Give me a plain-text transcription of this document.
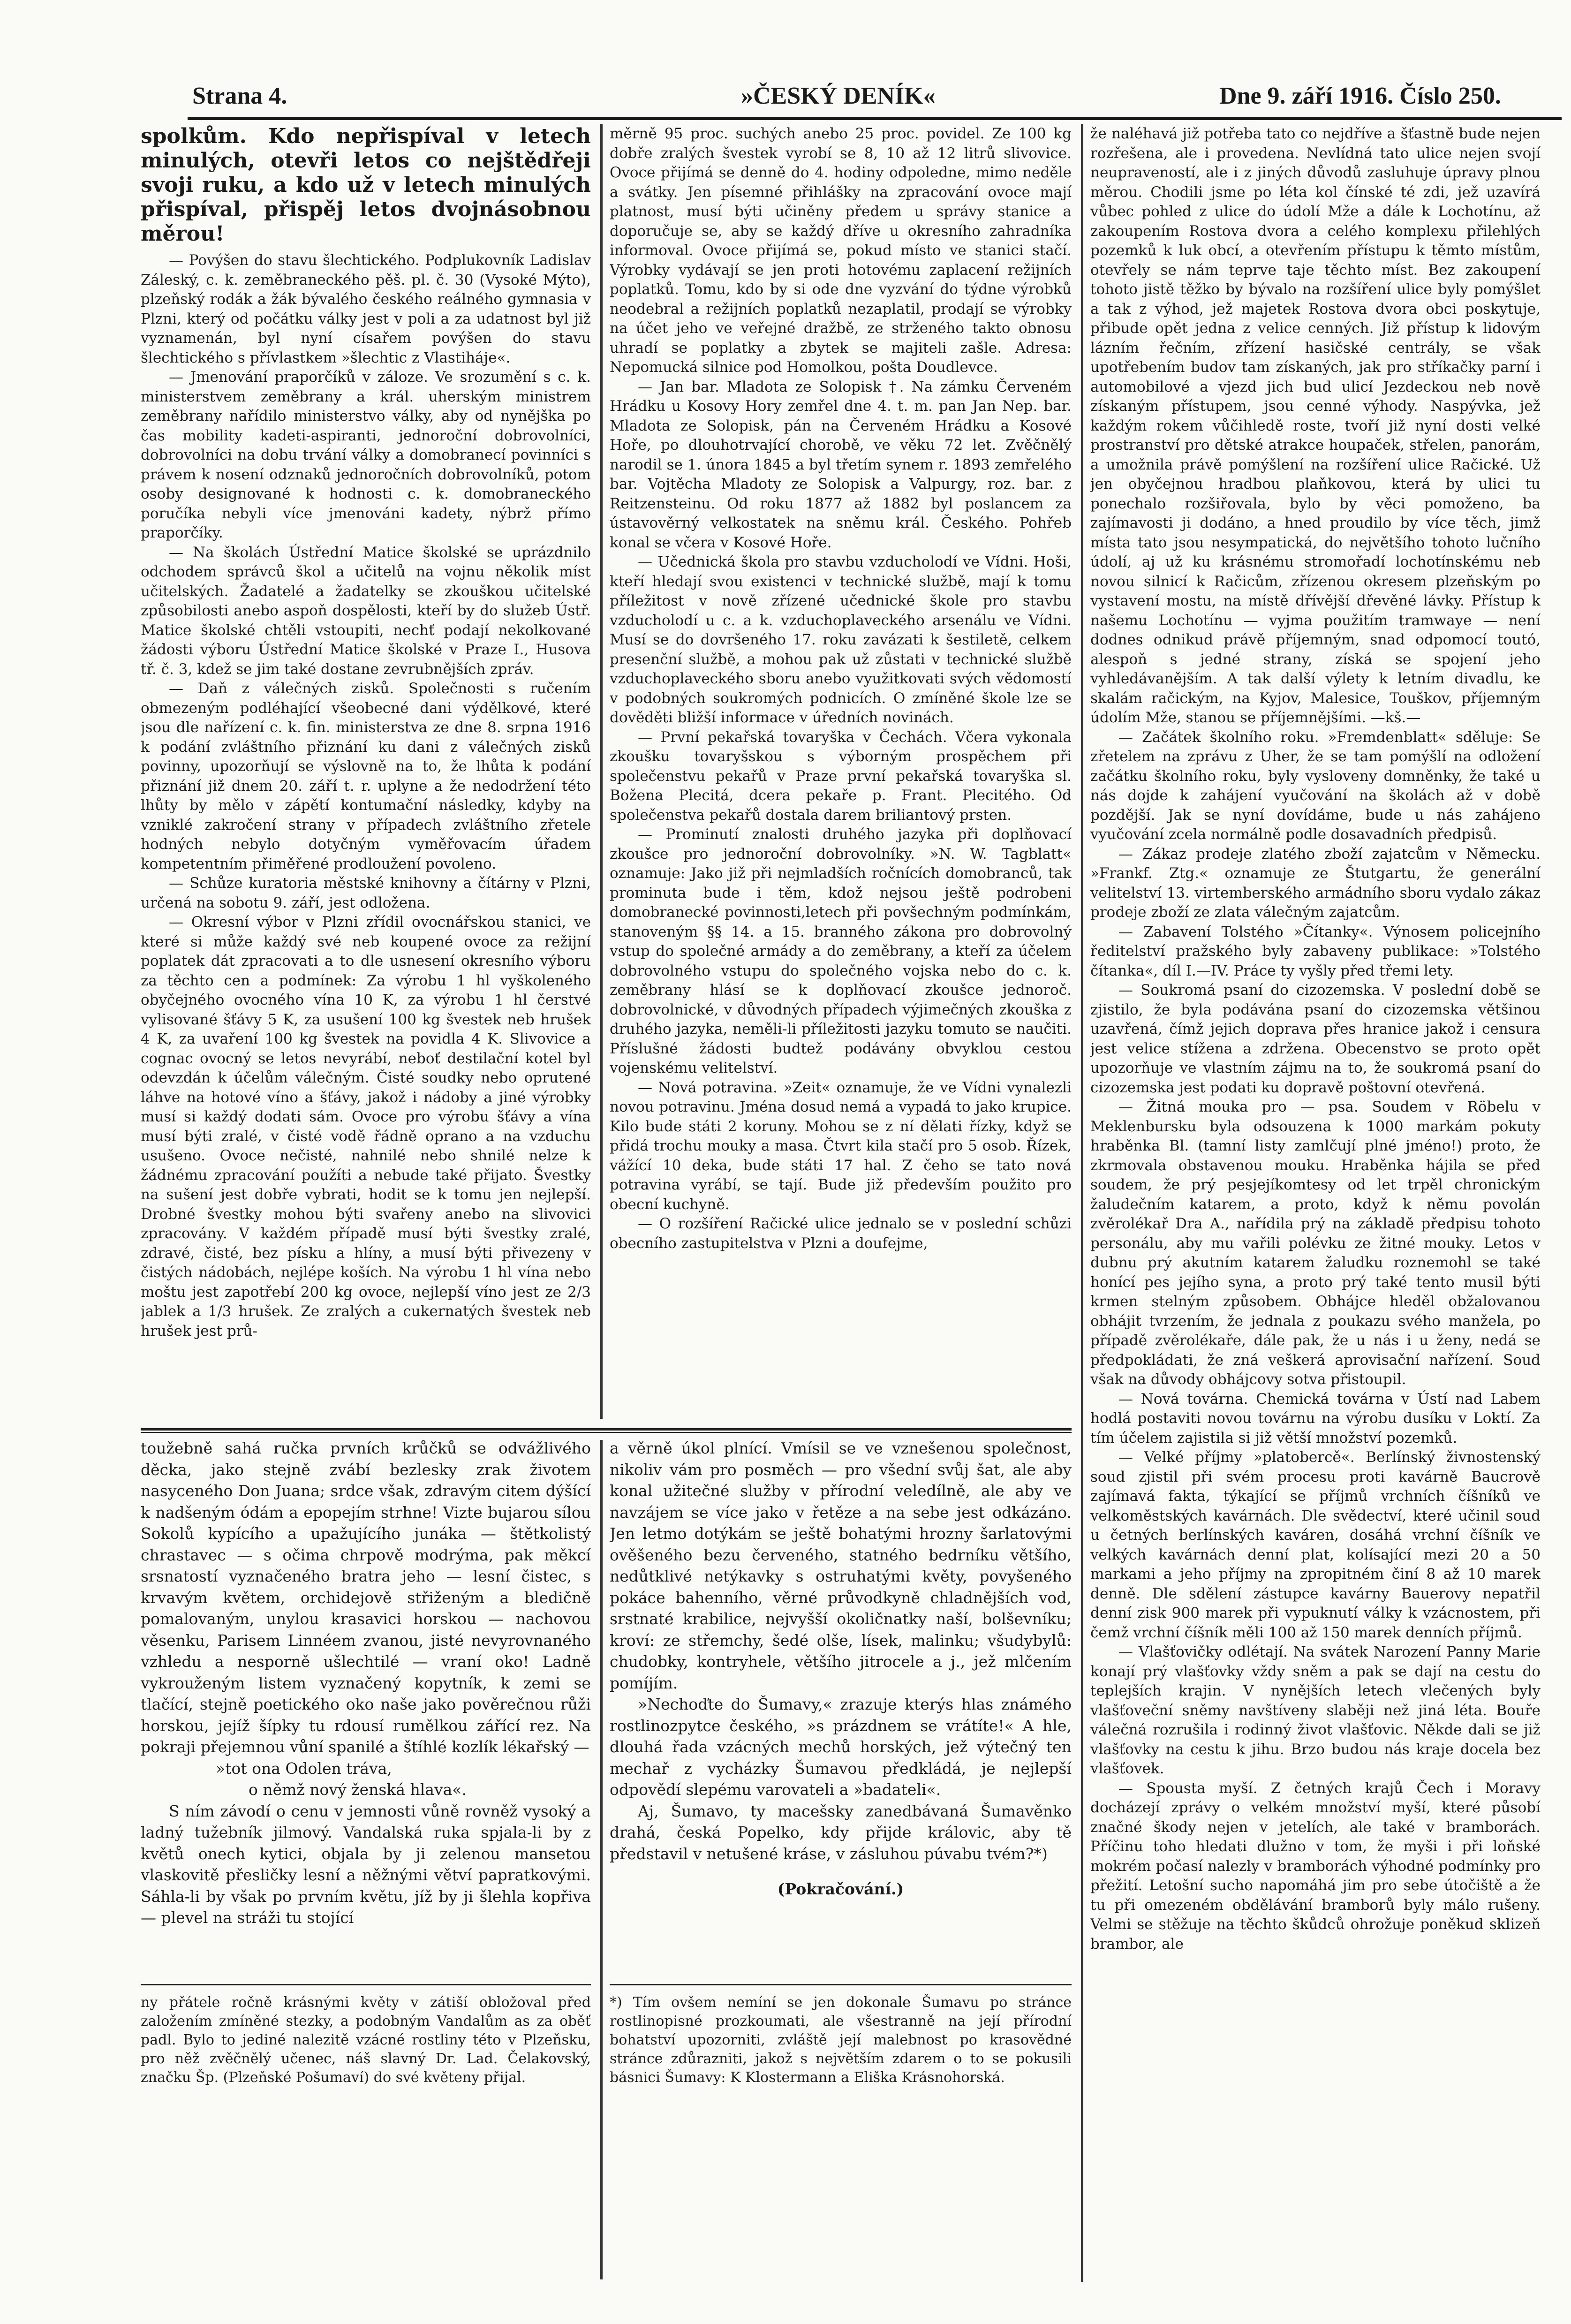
Strana 4.	»ČESKÝ DENÍK«	Dne 9. září 1916. Číslo 250.

spolkům. Kdo nepřispíval v letech minulých, otevři letos co nejštědřeji svoji ruku, a kdo už v letech minulých přispíval, přispěj letos dvojnásobnou měrou!

— Povýšen do stavu šlechtického. Podplukovník Ladislav Záleský, c. k. zeměbraneckého pěš. pl. č. 30 (Vysoké Mýto), plzeňský rodák a žák bývalého českého reálného gymnasia v Plzni, který od počátku války jest v poli a za udatnost byl již vyznamenán, byl nyní císařem povýšen do stavu šlechtického s přívlastkem »šlechtic z Vlastiháje«.

— Jmenování praporčíků v záloze. Ve srozumění s c. k. ministerstvem zeměbrany a král. uherským ministrem zeměbrany nařídilo ministerstvo války, aby od nynějška po čas mobility kadeti-aspiranti, jednoroční dobrovolníci, dobrovolníci na dobu trvání války a domobranecí povinníci s právem k nosení odznaků jednoročních dobrovolníků, potom osoby designované k hodnosti c. k. domobraneckého poručíka nebyli více jmenováni kadety, nýbrž přímo praporčíky.

— Na školách Ústřední Matice školské se uprázdnilo odchodem správců škol a učitelů na vojnu několik míst učitelských. Žadatelé a žadatelky se zkouškou učitelské způsobilosti anebo aspoň dospělosti, kteří by do služeb Ústř. Matice školské chtěli vstoupiti, nechť podají nekolkované žádosti výboru Ústřední Matice školské v Praze I., Husova tř. č. 3, kdež se jim také dostane zevrubnějších zpráv.

— Daň z válečných zisků. Společnosti s ručením obmezeným podléhající všeobecné dani výdělkové, které jsou dle nařízení c. k. fin. ministerstva ze dne 8. srpna 1916 k podání zvláštního přiznání ku dani z válečných zisků povinny, upozorňují se výslovně na to, že lhůta k podání přiznání již dnem 20. září t. r. uplyne a že nedodržení této lhůty by mělo v zápětí kontumační následky, kdyby na vzniklé zakročení strany v případech zvláštního zřetele hodných nebylo dotyčným vyměřovacím úřadem kompetentním přiměřené prodloužení povoleno.

— Schůze kuratoria městské knihovny a čítárny v Plzni, určená na sobotu 9. září, jest odložena.

— Okresní výbor v Plzni zřídil ovocnářskou stanici, ve které si může každý své neb koupené ovoce za režijní poplatek dát zpracovati a to dle usnesení okresního výboru za těchto cen a podmínek: Za výrobu 1 hl vyškoleného obyčejného ovocného vína 10 K, za výrobu 1 hl čerstvé vylisované šťávy 5 K, za usušení 100 kg švestek neb hrušek 4 K, za uvaření 100 kg švestek na povidla 4 K. Slivovice a cognac ovocný se letos nevyrábí, neboť destilační kotel byl odevzdán k účelům válečným. Čisté soudky nebo oprutené láhve na hotové víno a šťávy, jakož i nádoby a jiné výrobky musí si každý dodati sám. Ovoce pro výrobu šťávy a vína musí býti zralé, v čisté vodě řádně oprano a na vzduchu usušeno. Ovoce nečisté, nahnilé nebo shnilé nelze k žádnému zpracování použíti a nebude také přijato. Švestky na sušení jest dobře vybrati, hodit se k tomu jen nejlepší. Drobné švestky mohou býti svařeny anebo na slivovici zpracovány. V každém případě musí býti švestky zralé, zdravé, čisté, bez písku a hlíny, a musí býti přivezeny v čistých nádobách, nejlépe koších. Na výrobu 1 hl vína nebo moštu jest zapotřebí 200 kg ovoce, nejlepší víno jest ze 2/3 jablek a 1/3 hrušek. Ze zralých a cukernatých švestek neb hrušek jest prů-

měrně 95 proc. suchých anebo 25 proc. povidel. Ze 100 kg dobře zralých švestek vyrobí se 8, 10 až 12 litrů slivovice. Ovoce přijímá se denně do 4. hodiny odpoledne, mimo neděle a svátky. Jen písemné přihlášky na zpracování ovoce mají platnost, musí býti učiněny předem u správy stanice a doporučuje se, aby se každý dříve u okresního zahradníka informoval. Ovoce přijímá se, pokud místo ve stanici stačí. Výrobky vydávají se jen proti hotovému zaplacení režijních poplatků. Tomu, kdo by si ode dne vyzvání do týdne výrobků neodebral a režijních poplatků nezaplatil, prodají se výrobky na účet jeho ve veřejné dražbě, ze strženého takto obnosu uhradí se poplatky a zbytek se majiteli zašle. Adresa: Nepomucká silnice pod Homolkou, pošta Doudlevce.

— Jan bar. Mladota ze Solopisk †. Na zámku Červeném Hrádku u Kosovy Hory zemřel dne 4. t. m. pan Jan Nep. bar. Mladota ze Solopisk, pán na Červeném Hrádku a Kosové Hoře, po dlouhotrvající chorobě, ve věku 72 let. Zvěčnělý narodil se 1. února 1845 a byl třetím synem r. 1893 zemřelého bar. Vojtěcha Mladoty ze Solopisk a Valpurgy, roz. bar. z Reitzensteinu. Od roku 1877 až 1882 byl poslancem za ústavověrný velkostatek na sněmu král. Českého. Pohřeb konal se včera v Kosové Hoře.

— Učednická škola pro stavbu vzducholodí ve Vídni. Hoši, kteří hledají svou existenci v technické službě, mají k tomu příležitost v nově zřízené učednické škole pro stavbu vzducholodí u c. a k. vzduchoplaveckého arsenálu ve Vídni. Musí se do dovršeného 17. roku zavázati k šestiletě, celkem presenční službě, a mohou pak už zůstati v technické službě vzduchoplaveckého sboru anebo využitkovati svých vědomostí v podobných soukromých podnicích. O zmíněné škole lze se dověděti bližší informace v úředních novinách.

— První pekařská tovaryška v Čechách. Včera vykonala zkoušku tovaryšskou s výborným prospěchem při společenstvu pekařů v Praze první pekařská tovaryška sl. Božena Plecitá, dcera pekaře p. Frant. Plecitého. Od společenstva pekařů dostala darem briliantový prsten.

— Prominutí znalosti druhého jazyka při doplňovací zkoušce pro jednoroční dobrovolníky. »N. W. Tagblatt« oznamuje: Jako již při nejmladších ročnících domobranců, tak prominuta bude i těm, kdož nejsou ještě podrobeni domobranecké povinnosti,letech při povšechným podmínkám, stanoveným §§ 14. a 15. branného zákona pro dobrovolný vstup do společné armády a do zeměbrany, a kteří za účelem dobrovolného vstupu do společného vojska nebo do c. k. zeměbrany hlásí se k doplňovací zkoušce jednoroč. dobrovolnické, v důvodných případech výjimečných zkouška z druhého jazyka, neměli-li příležitosti jazyku tomuto se naučiti. Příslušné žádosti budtež podávány obvyklou cestou vojenskému velitelství.

— Nová potravina. »Zeit« oznamuje, že ve Vídni vynalezli novou potravinu. Jména dosud nemá a vypadá to jako krupice. Kilo bude státi 2 koruny. Mohou se z ní dělati řízky, když se přidá trochu mouky a masa. Čtvrt kila stačí pro 5 osob. Řízek, vážící 10 deka, bude státi 17 hal. Z čeho se tato nová potravina vyrábí, se tají. Bude již především použito pro obecní kuchyně.

— O rozšíření Račické ulice jednalo se v poslední schůzi obecního zastupitelstva v Plzni a doufejme,

že naléhavá již potřeba tato co nejdříve a šťastně bude nejen rozřešena, ale i provedena. Nevlídná tato ulice nejen svojí neupraveností, ale i z jiných důvodů zasluhuje úpravy plnou měrou. Chodili jsme po léta kol čínské té zdi, jež uzavírá vůbec pohled z ulice do údolí Mže a dále k Lochotínu, až zakoupením Rostova dvora a celého komplexu přilehlých pozemků k luk obcí, a otevřením přístupu k těmto místům, otevřely se nám teprve taje těchto míst. Bez zakoupení tohoto jistě těžko by bývalo na rozšíření ulice byly pomýšlet a tak z výhod, jež majetek Rostova dvora obci poskytuje, přibude opět jedna z velice cenných. Již přístup k lidovým lázním řečním, zřízení hasičské centrály, se však upotřebením budov tam získaných, jak pro stříkačky parní i automobilové a vjezd jich bud ulicí Jezdeckou neb nově získaným přístupem, jsou cenné výhody. Naspývka, jež každým rokem vůčihledě roste, tvoří již nyní dosti velké prostranství pro dětské atrakce houpaček, střelen, panorám, a umožnila právě pomýšlení na rozšíření ulice Račické. Už jen obyčejnou hradbou plaňkovou, která by ulici tu ponechalo rozšiřovala, bylo by věci pomoženo, ba zajímavosti ji dodáno, a hned proudilo by více těch, jimž místa tato jsou nesympatická, do největšího tohoto lučního údolí, aj už ku krásnému stromořadí lochotínskému neb novou silnicí k Račicům, zřízenou okresem plzeňským po vystavení mostu, na místě dřívější dřevěné lávky. Přístup k našemu Lochotínu — vyjma použitím tramwaye — není dodnes odnikud právě příjemným, snad odpomocí toutó, alespoň s jedné strany, získá se spojení jeho vyhledávanějším. A tak další výlety k letním divadlu, ke skalám račickým, na Kyjov, Malesice, Touškov, příjemným údolím Mže, stanou se příjemnějšími. —kš.—

— Začátek školního roku. »Fremdenblatt« sděluje: Se zřetelem na zprávu z Uher, že se tam pomýšlí na odložení začátku školního roku, byly vysloveny domněnky, že také u nás dojde k zahájení vyučování na školách až v době pozdější. Jak se nyní dovídáme, bude u nás zahájeno vyučování zcela normálně podle dosavadních předpisů.

— Zákaz prodeje zlatého zboží zajatcům v Německu. »Frankf. Ztg.« oznamuje ze Štutgartu, že generální velitelství 13. virtemberského armádního sboru vydalo zákaz prodeje zboží ze zlata válečným zajatcům.

— Zabavení Tolstého »Čítanky«. Výnosem policejního ředitelství pražského byly zabaveny publikace: »Tolstého čítanka«, díl I.—IV. Práce ty vyšly před třemi lety.

— Soukromá psaní do cizozemska. V poslední době se zjistilo, že byla podávána psaní do cizozemska většinou uzavřená, čímž jejich doprava přes hranice jakož i censura jest velice stížena a zdržena. Obecenstvo se proto opět upozorňuje ve vlastním zájmu na to, že soukromá psaní do cizozemska jest podati ku dopravě poštovní otevřená.

— Žitná mouka pro — psa. Soudem v Röbelu v Meklenbursku byla odsouzena k 1000 markám pokuty hraběnka Bl. (tamní listy zamlčují plné jméno!) proto, že zkrmovala obstavenou mouku. Hraběnka hájila se před soudem, že prý pesjejíkomtesy od let trpěl chronickým žaludečním katarem, a proto, když k němu povolán zvěrolékař Dra A., nařídila prý na základě předpisu tohoto personálu, aby mu vařili polévku ze žitné mouky. Letos v dubnu prý akutním katarem žaludku roznemohl se také honící pes jejího syna, a proto prý také tento musil býti krmen stelným způsobem. Obhájce hleděl obžalovanou obhájit tvrzením, že jednala z poukazu svého manžela, po případě zvěrolékaře, dále pak, že u nás i u ženy, nedá se předpokládati, že zná veškerá aprovisační nařízení. Soud však na důvody obhájcovy sotva přistoupil.

— Nová továrna. Chemická továrna v Ústí nad Labem hodlá postaviti novou továrnu na výrobu dusíku v Loktí. Za tím účelem zajistila si již větší množství pozemků.

— Velké příjmy »platobercě«. Berlínský živnostenský soud zjistil při svém procesu proti kavárně Baucrově zajímavá fakta, týkající se příjmů vrchních číšníků ve velkoměstských kavárnách. Dle svědectví, které učinil soud u četných berlínských kaváren, dosáhá vrchní číšník ve velkých kavárnách denní plat, kolísající mezi 20 a 50 markami a jeho příjmy na zpropitném činí 8 až 10 marek denně. Dle sdělení zástupce kavárny Bauerovy nepatřil denní zisk 900 marek při vypuknutí války k vzácnostem, při čemž vrchní číšník měli 100 až 150 marek denních příjmů.

— Vlašťovičky odlétají. Na svátek Narození Panny Marie konají prý vlašťovky vždy sněm a pak se dají na cestu do teplejších krajin. V nynějších letech vlečených byly vlašťoveční sněmy navštíveny slaběji než jiná léta. Bouře válečná rozrušila i rodinný život vlašťovic. Někde dali se již vlašťovky na cestu k jihu. Brzo budou nás kraje docela bez vlašťovek.

— Spousta myší. Z četných krajů Čech i Moravy docházejí zprávy o velkém množství myší, které působí značné škody nejen v jetelích, ale také v bramborách. Příčinu toho hledati dlužno v tom, že myši i při loňské mokrém počasí nalezly v bramborách výhodné podmínky pro přežití. Letošní sucho napomáhá jim pro sebe útočiště a že tu při omezeném obdělávání bramborů byly málo rušeny. Velmi se stěžuje na těchto škůdců ohrožuje poněkud sklizeň brambor, ale

toužebně sahá ručka prvních krůčků se odvážlivého děcka, jako stejně zvábí bezlesky zrak životem nasyceného Don Juana; srdce však, zdravým citem dýšící k nadšeným ódám a epopejím strhne! Vizte bujarou sílou Sokolů kypícího a upažujícího junáka — štětkolistý chrastavec — s očima chrpově modrýma, pak měkcí srsnatostí vyznačeného bratra jeho — lesní čistec, s krvavým květem, orchidejově střiženým a bledičně pomalovaným, unylou krasavici horskou — nachovou věsenku, Parisem Linnéem zvanou, jisté nevyrovnaného vzhledu a nesporně ušlechtilé — vraní oko! Ladně vykrouženým listem vyznačený kopytník, k zemi se tlačící, stejně poetického oko naše jako pověrečnou růži horskou, jejíž šípky tu rdousí rumělkou zářící rez. Na pokraji přejemnou vůní spanilé a štíhlé kozlík lékařský —

»tot ona Odolen tráva,

o němž nový ženská hlava«.

S ním závodí o cenu v jemnosti vůně rovněž vysoký a ladný tužebník jilmový. Vandalská ruka spjala-li by z květů onech kytici, objala by ji zelenou mansetou vlaskovitě přesličky lesní a něžnými větví papratkovými. Sáhla-li by však po prvním květu, jíž by ji šlehla kopřiva — plevel na stráži tu stojící

a věrně úkol plnící. Vmísil se ve vznešenou společnost, nikoliv vám pro posměch — pro všední svůj šat, ale aby konal užitečné služby v přírodní veledílně, ale aby ve navzájem se více jako v řetěze a na sebe jest odkázáno. Jen letmo dotýkám se ještě bohatými hrozny šarlatovými ověšeného bezu červeného, statného bedrníku většího, nedůtklivé netýkavky s ostruhatými květy, povyšeného pokáce bahenního, věrné průvodkyně chladnějších vod, srstnaté krabilice, nejvyšší okoličnatky naší, bolševníku; kroví: ze střemchy, šedé olše, lísek, malinku; všudybylů: chudobky, kontryhele, většího jitrocele a j., jež mlčením pomíjím.

»Nechoďte do Šumavy,« zrazuje kterýs hlas známého rostlinozpytce českého, »s prázdnem se vrátíte!« A hle, dlouhá řada vzácných mechů horských, jež výtečný ten mechař z vycházky Šumavou předkládá, je nejlepší odpovědí slepému varovateli a »badateli«.

Aj, Šumavo, ty macešsky zanedbávaná Šumavěnko drahá, česká Popelko, kdy přijde královic, aby tě představil v netušené kráse, v zásluhou púvabu tvém?*)

(Pokračování.)

ny přátele ročně krásnými květy v zátiší obložoval před založením zmíněné stezky, a podobným Vandalům as za oběť padl. Bylo to jediné nalezitě vzácné rostliny této v Plzeňsku, pro něž zvěčnělý učenec, náš slavný Dr. Lad. Čelakovský, značku Šp. (Plzeňské Pošumaví) do své květeny přijal.

*) Tím ovšem nemíní se jen dokonale Šumavu po stránce rostlinopisné prozkoumati, ale všestranně na její přírodní bohatství upozorniti, zvláště její malebnost po krasovědné stránce zdůrazniti, jakož s největším zdarem o to se pokusili básnici Šumavy: K Klostermann a Eliška Krásnohorská.
